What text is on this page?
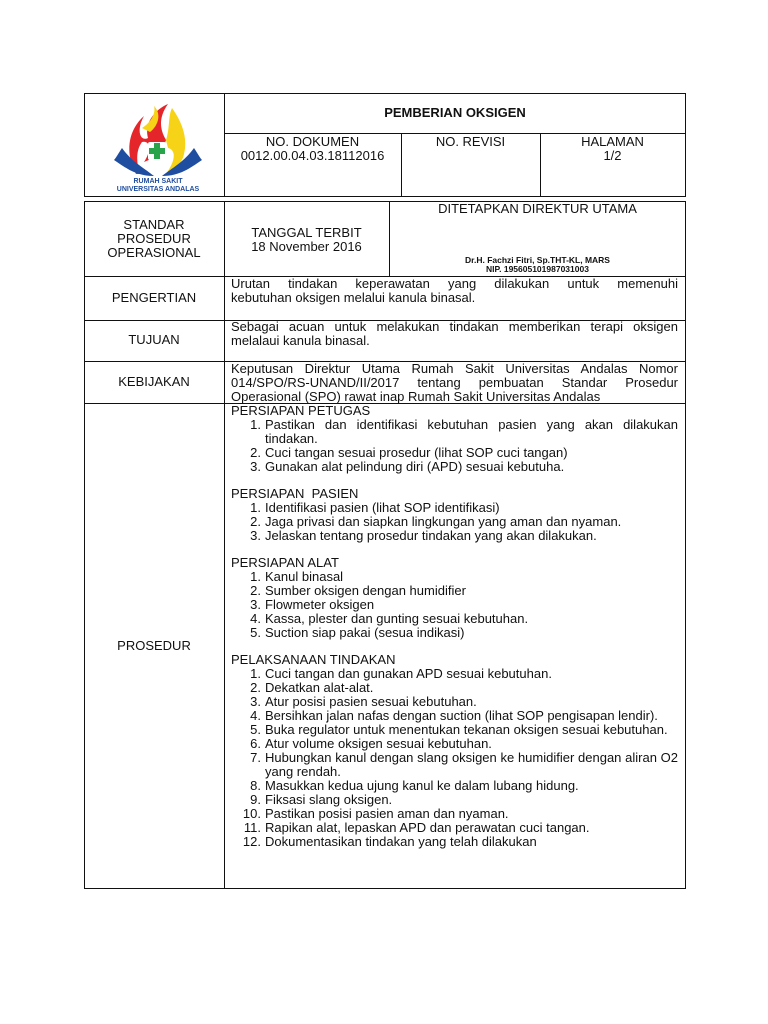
RUMAH SAKIT
UNIVERSITAS ANDALAS
PEMBERIAN OKSIGEN
NO. DOKUMEN
0012.00.04.03.18112016
NO. REVISI	HALAMAN
1/2
STANDAR
PROSEDUR
OPERASIONAL
TANGGAL TERBIT
18 November 2016
DITETAPKAN DIREKTUR UTAMA
Dr.H. Fachzi Fitri, Sp.THT-KL, MARS
NIP. 195605101987031003
PENGERTIAN
Urutan tindakan keperawatan yang dilakukan untuk memenuhi
kebutuhan oksigen melalui kanula binasal.
TUJUAN
Sebagai acuan untuk melakukan tindakan memberikan terapi oksigen
melalaui kanula binasal.
KEBIJAKAN
Keputusan Direktur Utama Rumah Sakit Universitas Andalas Nomor
014/SPO/RS-UNAND/II/2017 tentang pembuatan Standar Prosedur
Operasional (SPO) rawat inap Rumah Sakit Universitas Andalas
PROSEDUR
PERSIAPAN PETUGAS
1. Pastikan dan identifikasi kebutuhan pasien yang akan dilakukan tindakan.
2. Cuci tangan sesuai prosedur (lihat SOP cuci tangan)
3. Gunakan alat pelindung diri (APD) sesuai kebutuha.
PERSIAPAN  PASIEN
1. Identifikasi pasien (lihat SOP identifikasi)
2. Jaga privasi dan siapkan lingkungan yang aman dan nyaman.
3. Jelaskan tentang prosedur tindakan yang akan dilakukan.
PERSIAPAN ALAT
1. Kanul binasal
2. Sumber oksigen dengan humidifier
3. Flowmeter oksigen
4. Kassa, plester dan gunting sesuai kebutuhan.
5. Suction siap pakai (sesua indikasi)
PELAKSANAAN TINDAKAN
1. Cuci tangan dan gunakan APD sesuai kebutuhan.
2. Dekatkan alat-alat.
3. Atur posisi pasien sesuai kebutuhan.
4. Bersihkan jalan nafas dengan suction (lihat SOP pengisapan lendir).
5. Buka regulator untuk menentukan tekanan oksigen sesuai kebutuhan.
6. Atur volume oksigen sesuai kebutuhan.
7. Hubungkan kanul dengan slang oksigen ke humidifier dengan aliran O2 yang rendah.
8. Masukkan kedua ujung kanul ke dalam lubang hidung.
9. Fiksasi slang oksigen.
10. Pastikan posisi pasien aman dan nyaman.
11. Rapikan alat, lepaskan APD dan perawatan cuci tangan.
12. Dokumentasikan tindakan yang telah dilakukan
